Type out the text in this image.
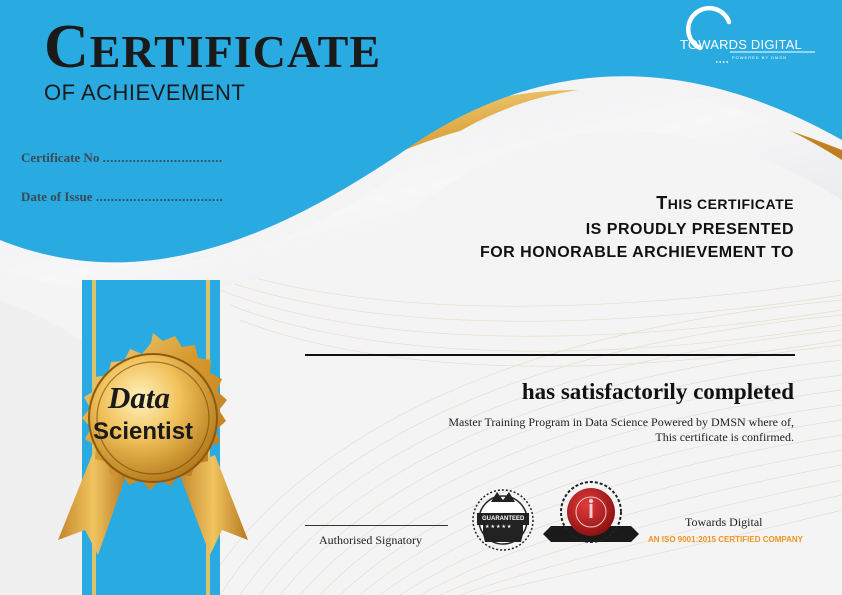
CERTIFICATE
OF ACHIEVEMENT
Certificate No ................................
Date of Issue ..................................
TOWARDS DIGITAL
POWERED BY DMSN
THIS CERTIFICATE
IS PROUDLY PRESENTED
FOR HONORABLE ARCHIEVEMENT TO
has satisfactorily completed
Master Training Program in Data Science Powered by DMSN where of,
This certificate is confirmed.
Data
Scientist
GUARANTEED
★★★★★
Authorised Signatory
Towards Digital
AN ISO 9001:2015 CERTIFIED COMPANY
